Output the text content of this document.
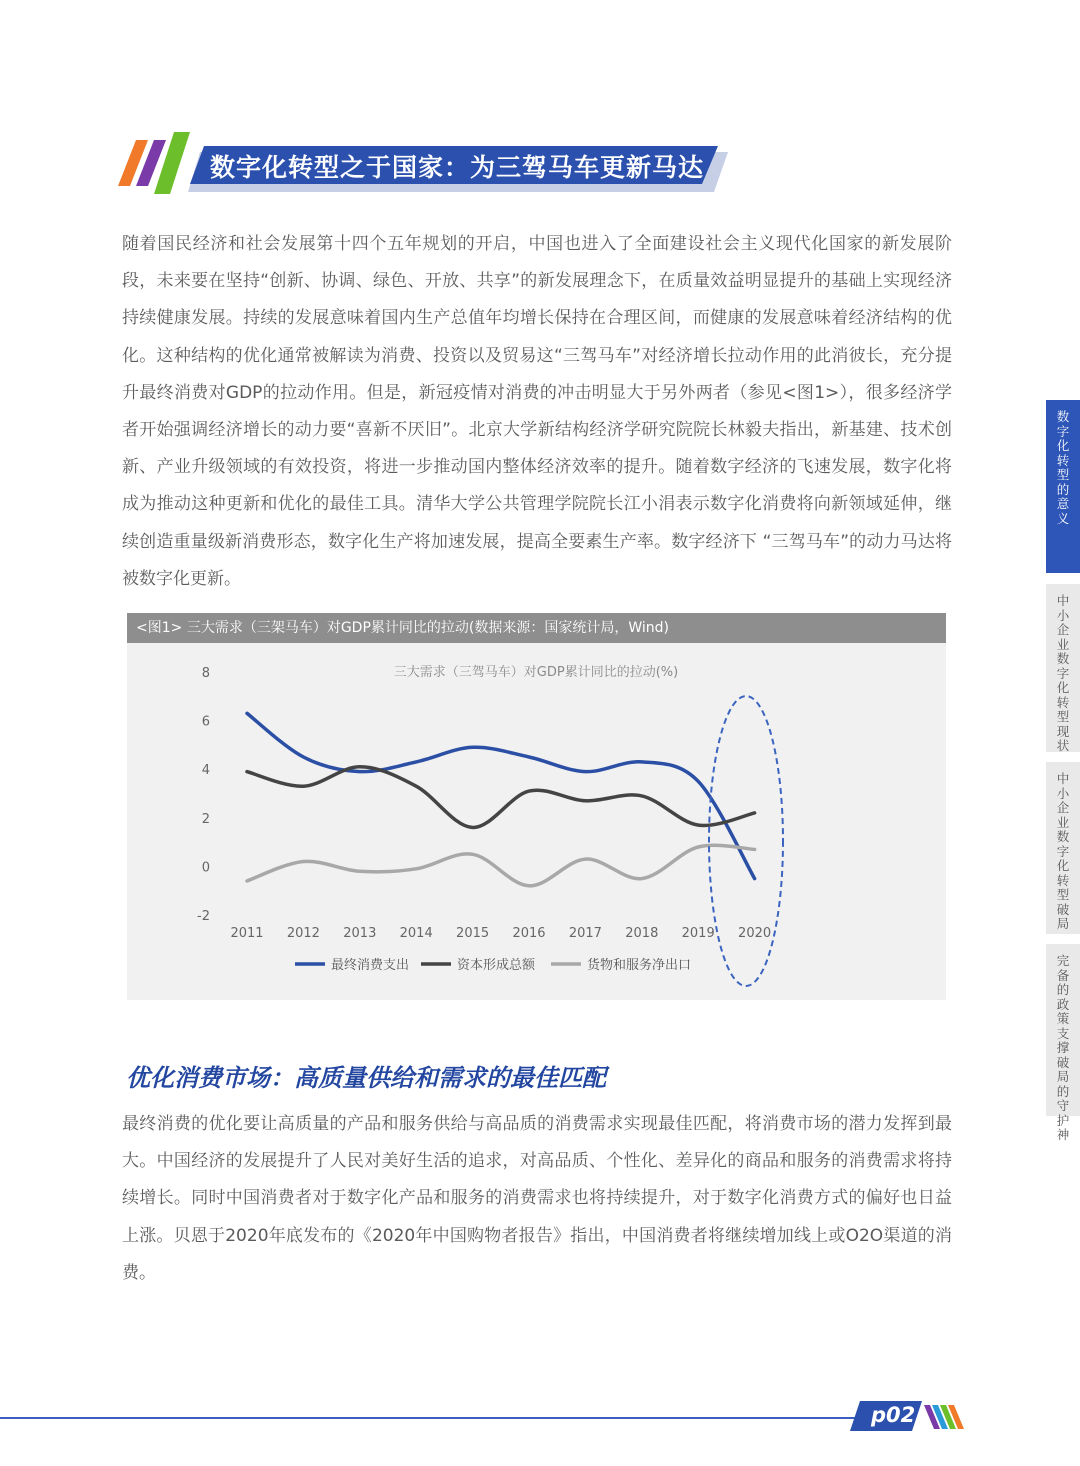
数字化转型之于国家：为三驾马车更新马达

随着国民经济和社会发展第十四个五年规划的开启，中国也进入了全面建设社会主义现代化国家的新发展阶段，未来要在坚持“创新、协调、绿色、开放、共享”的新发展理念下，在质量效益明显提升的基础上实现经济持续健康发展。持续的发展意味着国内生产总值年均增长保持在合理区间，而健康的发展意味着经济结构的优化。这种结构的优化通常被解读为消费、投资以及贸易这“三驾马车”对经济增长拉动作用的此消彼长，充分提升最终消费对GDP的拉动作用。但是，新冠疫情对消费的冲击明显大于另外两者（参见<图1>），很多经济学者开始强调经济增长的动力要“喜新不厌旧”。北京大学新结构经济学研究院院长林毅夫指出，新基建、技术创新、产业升级领域的有效投资，将进一步推动国内整体经济效率的提升。随着数字经济的飞速发展，数字化将成为推动这种更新和优化的最佳工具。清华大学公共管理学院院长江小涓表示数字化消费将向新领域延伸，继续创造重量级新消费形态，数字化生产将加速发展，提高全要素生产率。数字经济下 “三驾马车”的动力马达将被数字化更新。

<图1> 三大需求（三架马车）对GDP累计同比的拉动(数据来源：国家统计局，Wind)
三大需求（三驾马车）对GDP累计同比的拉动(%)
8
6
4
2
0
-2
2011 2012 2013 2014 2015 2016 2017 2018 2019 2020
最终消费支出	资本形成总额	货物和服务净出口
优化消费市场：高质量供给和需求的最佳匹配

最终消费的优化要让高质量的产品和服务供给与高品质的消费需求实现最佳匹配，将消费市场的潜力发挥到最大。中国经济的发展提升了人民对美好生活的追求，对高品质、个性化、差异化的商品和服务的消费需求将持续增长。同时中国消费者对于数字化产品和服务的消费需求也将持续提升，对于数字化消费方式的偏好也日益上涨。贝恩于2020年底发布的《2020年中国购物者报告》指出，中国消费者将继续增加线上或O2O渠道的消费。

数字化转型的意义
中小企业数字化转型现状
中小企业数字化转型破局
完备的政策支撑 破局的守护神
p02
